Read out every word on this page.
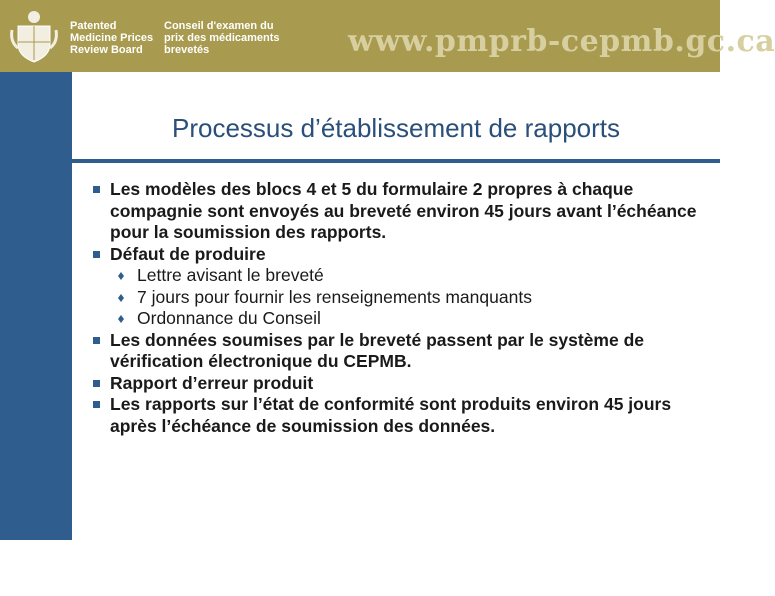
Patented Medicine Prices Review Board
Conseil d'examen du prix des médicaments brevetés	www.pmprb-cepmb.gc.ca
49
Processus d’établissement de rapports
Les modèles des blocs 4 et 5 du formulaire 2 propres à chaque compagnie sont envoyés au breveté environ 45 jours avant l’échéance pour la soumission des rapports.
Défaut de produire
Lettre avisant le breveté
7 jours pour fournir les renseignements manquants
Ordonnance du Conseil
Les données soumises par le breveté passent par le système de vérification électronique du CEPMB.
Rapport d’erreur produit
Les rapports sur l’état de conformité sont produits environ 45 jours après l’échéance de soumission des données.
